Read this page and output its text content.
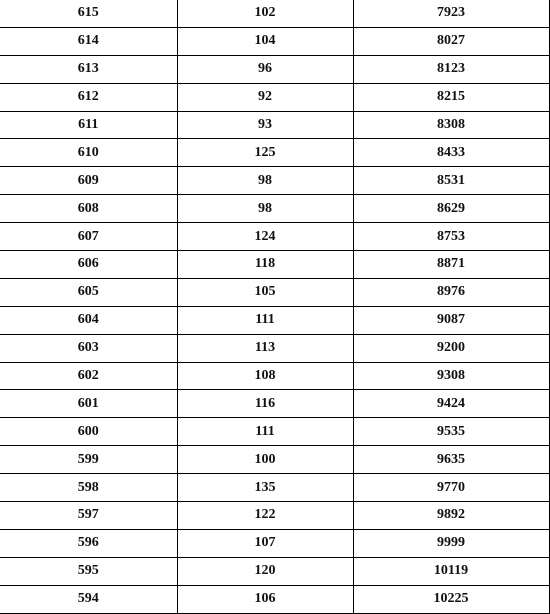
615	102	7923
614	104	8027
613	96	8123
612	92	8215
611	93	8308
610	125	8433
609	98	8531
608	98	8629
607	124	8753
606	118	8871
605	105	8976
604	111	9087
603	113	9200
602	108	9308
601	116	9424
600	111	9535
599	100	9635
598	135	9770
597	122	9892
596	107	9999
595	120	10119
594	106	10225
